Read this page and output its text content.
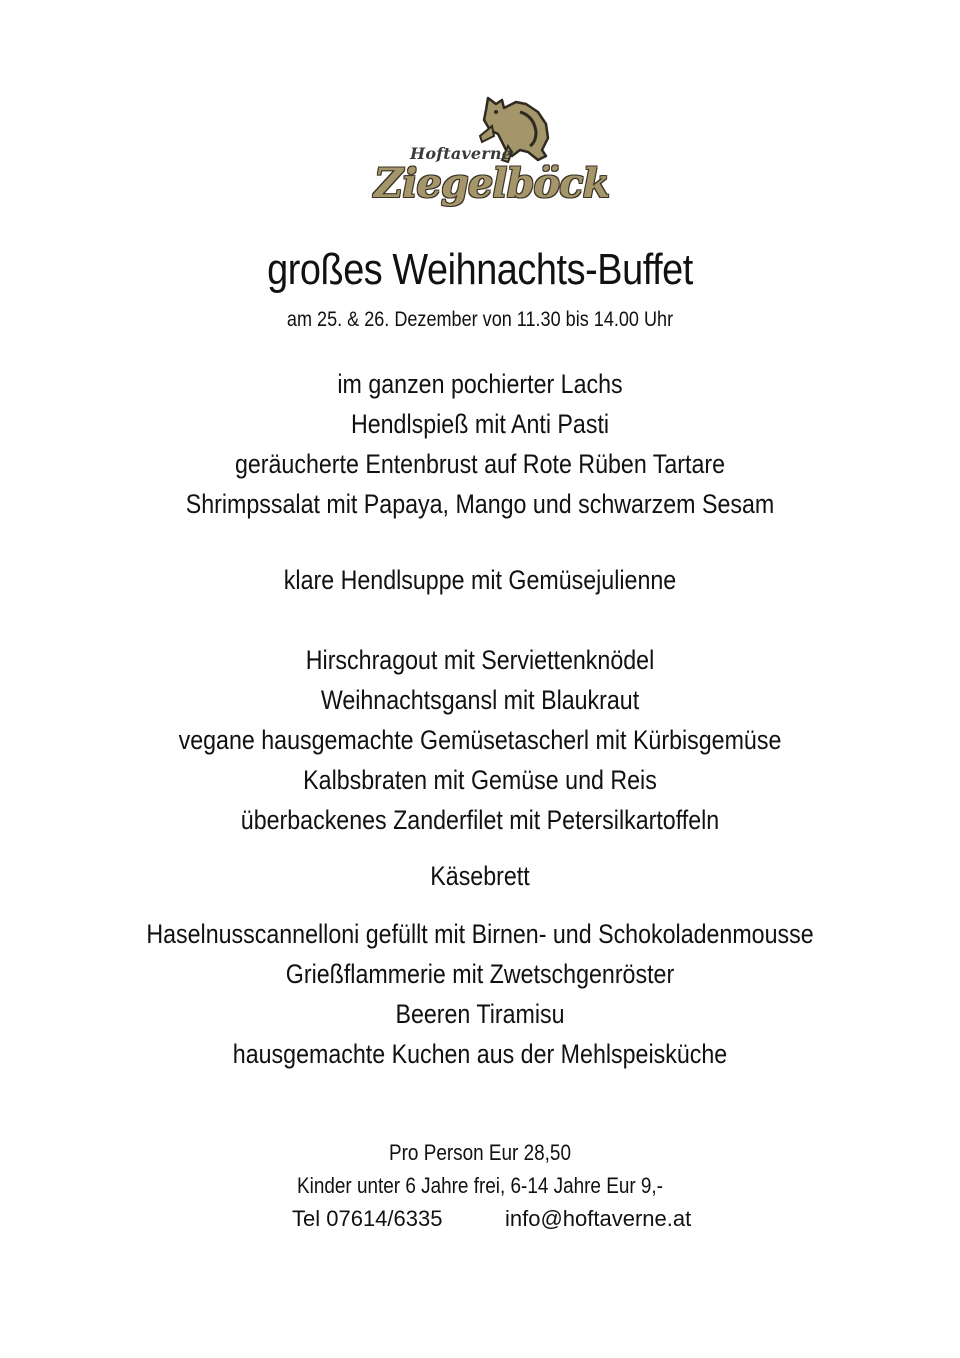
Hoftaverne
Ziegelböck
großes Weihnachts-Buffet
am 25. & 26. Dezember von 11.30 bis 14.00 Uhr
im ganzen pochierter Lachs
Hendlspieß mit Anti Pasti
geräucherte Entenbrust auf Rote Rüben Tartare
Shrimpssalat mit Papaya, Mango und schwarzem Sesam
klare Hendlsuppe mit Gemüsejulienne
Hirschragout mit Serviettenknödel
Weihnachtsgansl mit Blaukraut
vegane hausgemachte Gemüsetascherl mit Kürbisgemüse
Kalbsbraten mit Gemüse und Reis
überbackenes Zanderfilet mit Petersilkartoffeln
Käsebrett
Haselnusscannelloni gefüllt mit Birnen- und Schokoladenmousse
Grießflammerie mit Zwetschgenröster
Beeren Tiramisu
hausgemachte Kuchen aus der Mehlspeisküche
Pro Person Eur 28,50
Kinder unter 6 Jahre frei, 6-14 Jahre Eur 9,-
Tel 07614/6335	info@hoftaverne.at
